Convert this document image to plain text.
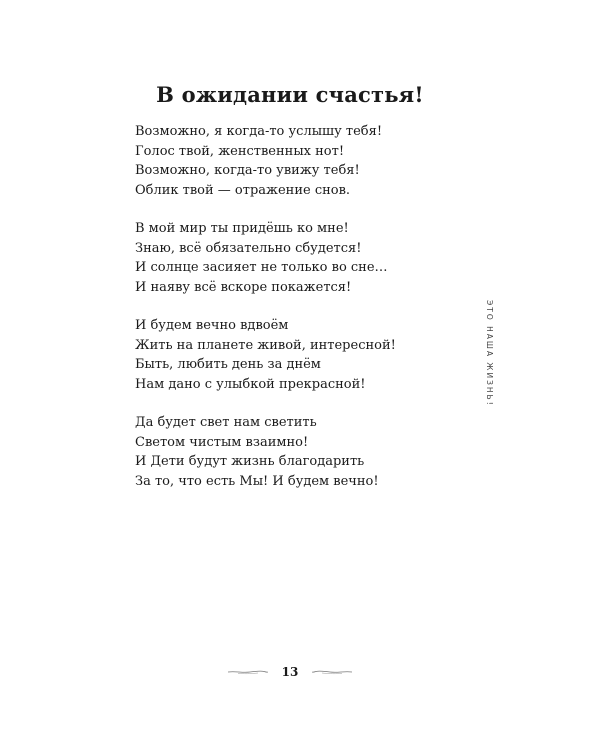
В ожидании счастья!
Возможно, я когда-то услышу тебя!
Голос твой, женственных нот!
Возможно, когда-то увижу тебя!
Облик твой — отражение снов.
В мой мир ты придёшь ко мне!
Знаю, всё обязательно сбудется!
И солнце засияет не только во сне…
И наяву всё вскоре покажется!
И будем вечно вдвоём
Жить на планете живой, интересной!
Быть, любить день за днём
Нам дано с улыбкой прекрасной!
Да будет свет нам светить
Светом чистым взаимно!
И Дети будут жизнь благодарить
За то, что есть Мы! И будем вечно!
ЭТО НАША ЖИЗНЬ!
13
